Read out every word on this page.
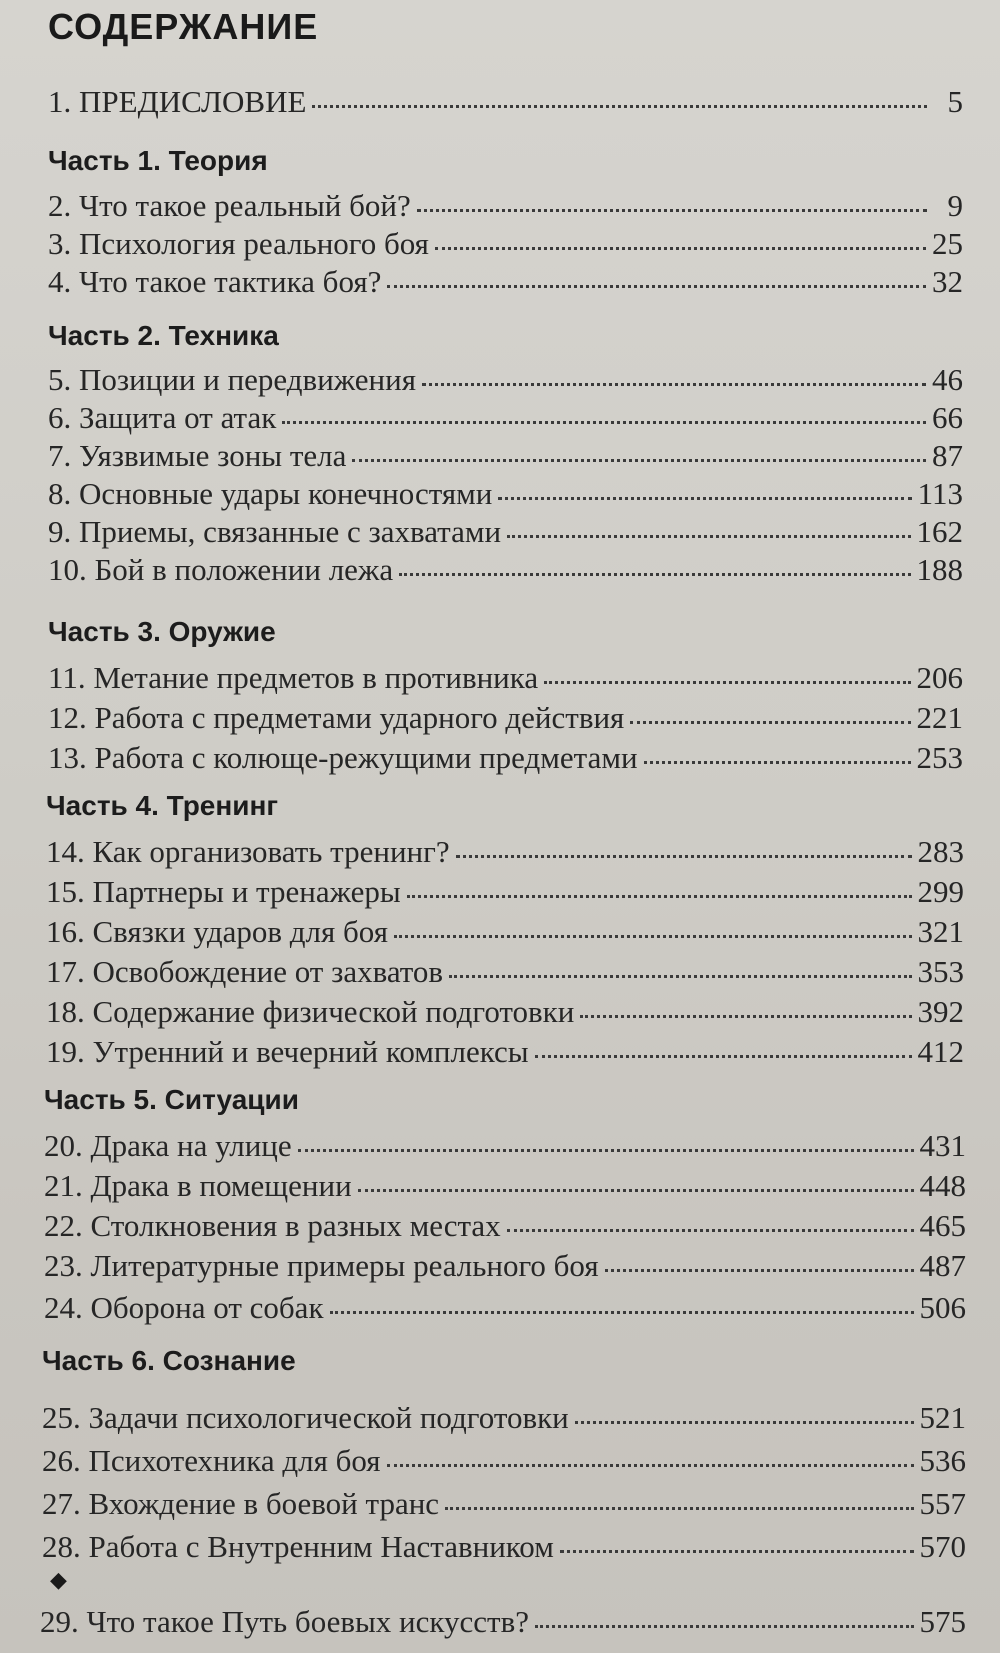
СОДЕРЖАНИЕ
1. ПРЕДИСЛОВИЕ	5
Часть 1. Теория
2. Что такое реальный бой?	9
3. Психология реального боя	25
4. Что такое тактика боя?	32
Часть 2. Техника
5. Позиции и передвижения	46
6. Защита от атак	66
7. Уязвимые зоны тела	87
8. Основные удары конечностями	113
9. Приемы, связанные с захватами	162
10. Бой в положении лежа	188
Часть 3. Оружие
11. Метание предметов в противника	206
12. Работа с предметами ударного действия	221
13. Работа с колюще-режущими предметами	253
Часть 4. Тренинг
14. Как организовать тренинг?	283
15. Партнеры и тренажеры	299
16. Связки ударов для боя	321
17. Освобождение от захватов	353
18. Содержание физической подготовки	392
19. Утренний и вечерний комплексы	412
Часть 5. Ситуации
20. Драка на улице	431
21. Драка в помещении	448
22. Столкновения в разных местах	465
23. Литературные примеры реального боя	487
24. Оборона от собак	506
Часть 6. Сознание
25. Задачи психологической подготовки	521
26. Психотехника для боя	536
27. Вхождение в боевой транс	557
28. Работа с Внутренним Наставником	570
◆
29. Что такое Путь боевых искусств?	575
